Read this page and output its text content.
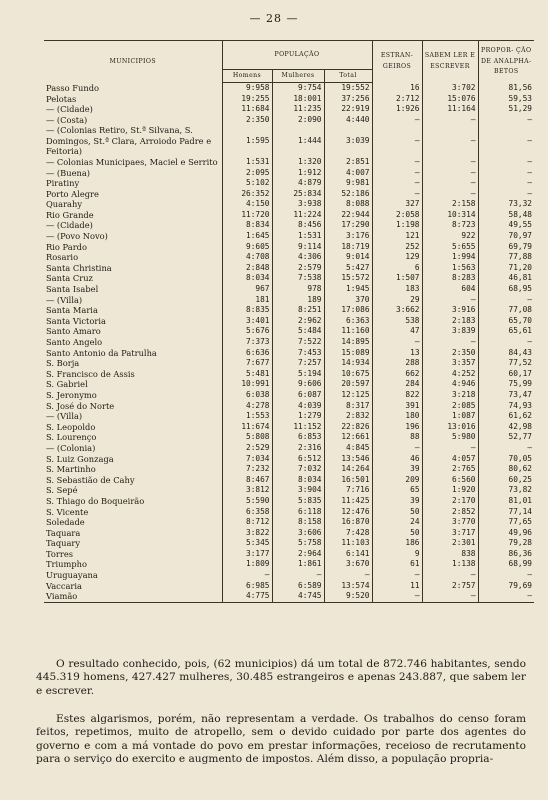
— 28 —
MUNICIPIOS	POPULAÇÃO			ESTRAN- GEIROS	SABEM LER E ESCREVER	PROPOR- ÇÃO DE ANALPHA- BETOS
	Homens	Mulheres	Total			
Passo Fundo	9:958	9:754	19:552	16	3:702	81,56
Pelotas	19:255	18:001	37:256	2:712	15:076	59,53
— (Cidade)	11:684	11:235	22:919	1:926	11:164	51,29
— (Costa)	2:350	2:090	4:440	—	—	—
— (Colonias Retiro, St.ª Silvana, S. Domingos, St.ª Clara, Arroiodo Padre e Feitoria)	1:595	1:444	3:039	—	—	—
— Colonias Municipaes, Maciel e Serrito	1:531	1:320	2:851	—	—	—
— (Buena)	2:095	1:912	4:007	—	—	—
Piratiny	5:102	4:879	9:981	—	—	—
Porto Alegre	26:352	25:834	52:186	—	—	—
Quarahy	4:150	3:938	8:088	327	2:158	73,32
Rio Grande	11:720	11:224	22:944	2:058	10:314	58,48
— (Cidade)	8:834	8:456	17:290	1:198	8:723	49,55
— (Povo Novo)	1:645	1:531	3:176	121	922	70,97
Rio Pardo	9:605	9:114	18:719	252	5:655	69,79
Rosario	4:708	4:306	9:014	129	1:994	77,88
Santa Christina	2:848	2:579	5:427	6	1:563	71,20
Santa Cruz	8:034	7:538	15:572	1:507	8:283	46,81
Santa Isabel	967	978	1:945	183	604	68,95
— (Villa)	181	189	370	29	—	—
Santa Maria	8:835	8:251	17:086	3:662	3:916	77,08
Santa Victoria	3:401	2:962	6:363	538	2:183	65,70
Santo Amaro	5:676	5:484	11:160	47	3:839	65,61
Santo Angelo	7:373	7:522	14:895	—	—	—
Santo Antonio da Patrulha	6:636	7:453	15:089	13	2:350	84,43
S. Borja	7:677	7:257	14:934	288	3:357	77,52
S. Francisco de Assis	5:481	5:194	10:675	662	4:252	60,17
S. Gabriel	10:991	9:606	20:597	284	4:946	75,99
S. Jeronymo	6:038	6:087	12:125	822	3:218	73,47
S. José do Norte	4:278	4:039	8:317	391	2:085	74,93
— (Villa)	1:553	1:279	2:832	180	1:087	61,62
S. Leopoldo	11:674	11:152	22:826	196	13:016	42,98
S. Lourenço	5:808	6:853	12:661	88	5:980	52,77
— (Colonia)	2:529	2:316	4:845	—	—	—
S. Luiz Gonzaga	7:034	6:512	13:546	46	4:057	70,05
S. Martinho	7:232	7:032	14:264	39	2:765	80,62
S. Sebastião de Cahy	8:467	8:034	16:501	209	6:560	60,25
S. Sepé	3:812	3:904	7:716	65	1:920	73,82
S. Thiago do Boqueirão	5:590	5:835	11:425	39	2:170	81,01
S. Vicente	6:358	6:118	12:476	50	2:852	77,14
Soledade	8:712	8:158	16:870	24	3:770	77,65
Taquara	3:822	3:606	7:428	50	3:717	49,96
Taquary	5:345	5:758	11:103	186	2:301	79,28
Torres	3:177	2:964	6:141	9	838	86,36
Triumpho	1:809	1:861	3:670	61	1:138	68,99
Uruguayana	—	—	—	—	—	—
Vaccaria	6:985	6:589	13:574	11	2:757	79,69
Viamão	4:775	4:745	9:520	—	—	—

O resultado conhecido, pois, (62 municipios) dá um total de 872.746 habitantes, sendo 445.319 homens, 427.427 mulheres, 30.485 estrangeiros e apenas 243.887, que sabem ler e escrever.

Estes algarismos, porém, não representam a verdade. Os trabalhos do censo foram feitos, repetimos, muito de atropello, sem o devido cuidado por parte dos agentes do governo e com a má vontade do povo em prestar informações, receioso de recrutamento para o serviço do exercito e augmento de impostos. Além disso, a população propria-
